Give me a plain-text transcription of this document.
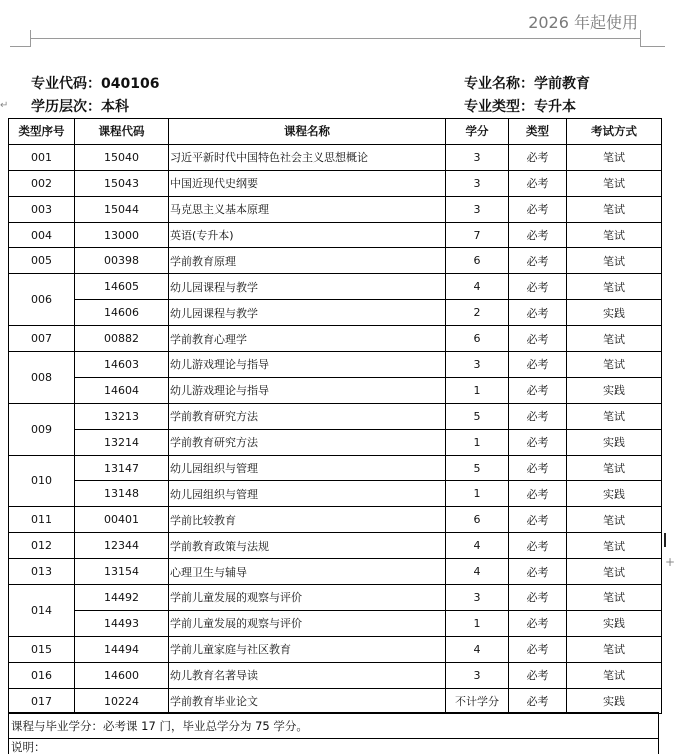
2026 年起使用
专业代码：040106	专业名称：学前教育
↵ 学历层次：本科	专业类型：专升本
类型序号	课程代码	课程名称	学分	类型	考试方式
001	15040	习近平新时代中国特色社会主义思想概论	3	必考	笔试
002	15043	中国近现代史纲要	3	必考	笔试
003	15044	马克思主义基本原理	3	必考	笔试
004	13000	英语(专升本)	7	必考	笔试
005	00398	学前教育原理	6	必考	笔试
006	14605	幼儿园课程与教学	4	必考	笔试
	14606	幼儿园课程与教学	2	必考	实践
007	00882	学前教育心理学	6	必考	笔试
008	14603	幼儿游戏理论与指导	3	必考	笔试
	14604	幼儿游戏理论与指导	1	必考	实践
009	13213	学前教育研究方法	5	必考	笔试
	13214	学前教育研究方法	1	必考	实践
010	13147	幼儿园组织与管理	5	必考	笔试
	13148	幼儿园组织与管理	1	必考	实践
011	00401	学前比较教育	6	必考	笔试
012	12344	学前教育政策与法规	4	必考	笔试
013	13154	心理卫生与辅导	4	必考	笔试
014	14492	学前儿童发展的观察与评价	3	必考	笔试
	14493	学前儿童发展的观察与评价	1	必考	实践
015	14494	学前儿童家庭与社区教育	4	必考	笔试
016	14600	幼儿教育名著导读	3	必考	笔试
017	10224	学前教育毕业论文	不计学分	必考	实践
课程与毕业学分：必考课 17 门，毕业总学分为 75 学分。
说明：
+
